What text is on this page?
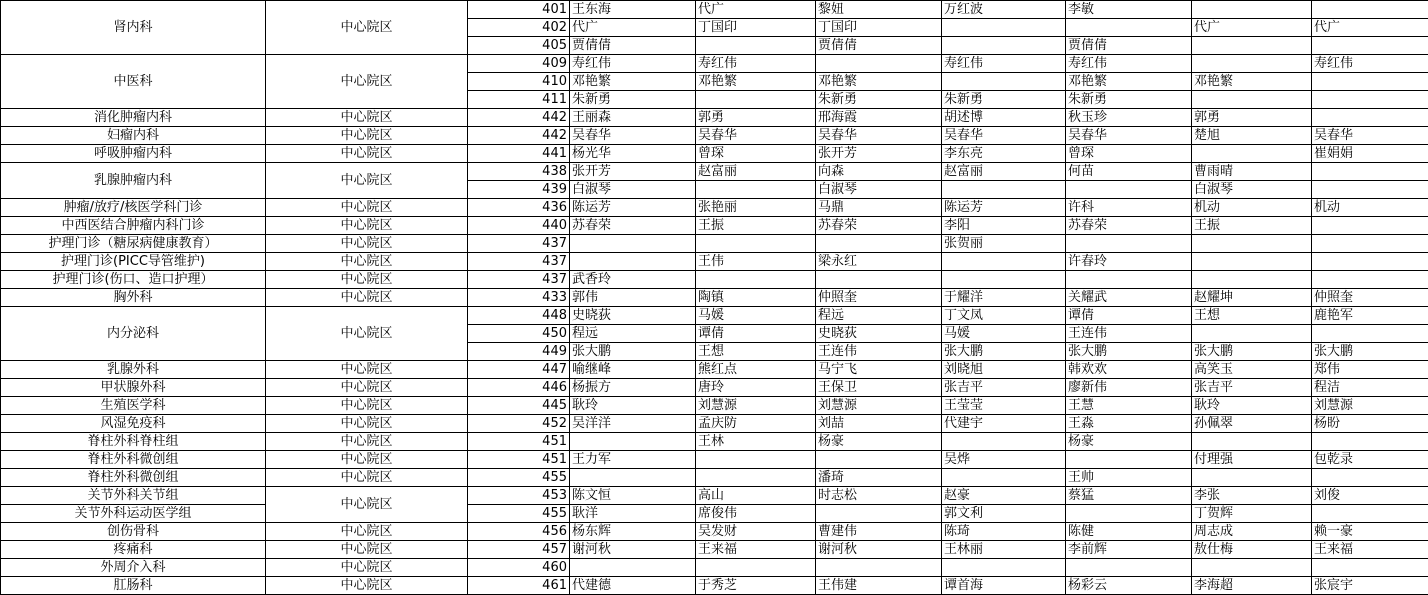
肾内科	中心院区	401	王东海	代广	黎妞	万红波	李敏		
		402	代广	丁国印	丁国印			代广	代广
		405	贾倩倩		贾倩倩		贾倩倩		
中医科	中心院区	409	寿红伟	寿红伟		寿红伟	寿红伟		寿红伟
		410	邓艳繁	邓艳繁	邓艳繁		邓艳繁	邓艳繁	
		411	朱新勇		朱新勇	朱新勇	朱新勇		
消化肿瘤内科	中心院区	442	王丽森	郭勇	邢海霞	胡述博	秋玉珍	郭勇	
妇瘤内科	中心院区	442	吴春华	吴春华	吴春华	吴春华	吴春华	楚旭	吴春华
呼吸肿瘤内科	中心院区	441	杨光华	曾琛	张开芳	李东亮	曾琛		崔娟娟
乳腺肿瘤内科	中心院区	438	张开芳	赵富丽	向森	赵富丽	何苗	曹雨晴	
		439	白淑琴		白淑琴			白淑琴	
肿瘤/放疗/核医学科门诊	中心院区	436	陈运芳	张艳丽	马鼎	陈运芳	许科	机动	机动
中西医结合肿瘤内科门诊	中心院区	440	苏春荣	王振	苏春荣	李阳	苏春荣	王振	
护理门诊（糖尿病健康教育）	中心院区	437				张贺丽			
护理门诊(PICC导管维护)	中心院区	437		王伟	梁永红		许春玲		
护理门诊(伤口、造口护理）	中心院区	437	武香玲						
胸外科	中心院区	433	郭伟	陶镇	仲照奎	于耀洋	关耀武	赵耀坤	仲照奎
内分泌科	中心院区	448	史晓荻	马媛	程远	丁文凤	谭倩	王想	鹿艳军
		450	程远	谭倩	史晓荻	马媛	王连伟		
		449	张大鹏	王想	王连伟	张大鹏	张大鹏	张大鹏	张大鹏
乳腺外科	中心院区	447	喻继峰	熊红点	马宁飞	刘晓旭	韩欢欢	高笑玉	郑伟
甲状腺外科	中心院区	446	杨振方	唐玲	王保卫	张吉平	廖新伟	张吉平	程洁
生殖医学科	中心院区	445	耿玲	刘慧源	刘慧源	王莹莹	王慧	耿玲	刘慧源
风湿免疫科	中心院区	452	吴洋洋	孟庆防	刘喆	代建宇	王淼	孙佩翠	杨盼
脊柱外科脊柱组	中心院区	451		王林	杨豪		杨豪		
脊柱外科微创组	中心院区	451	王力军			吴烨		付理强	包乾录
脊柱外科微创组	中心院区	455			潘琦		王帅		
关节外科关节组	中心院区	453	陈文恒	高山	时志松	赵豪	蔡猛	李张	刘俊
关节外科运动医学组		455	耿洋	席俊伟		郭文利		丁贺辉	
创伤骨科	中心院区	456	杨东辉	吴发财	曹建伟	陈琦	陈健	周志成	赖一豪
疼痛科	中心院区	457	谢河秋	王来福	谢河秋	王林丽	李前辉	敖仕梅	王来福
外周介入科	中心院区	460							
肛肠科	中心院区	461	代建德	于秀芝	王伟建	谭首海	杨彩云	李海超	张宸宇
